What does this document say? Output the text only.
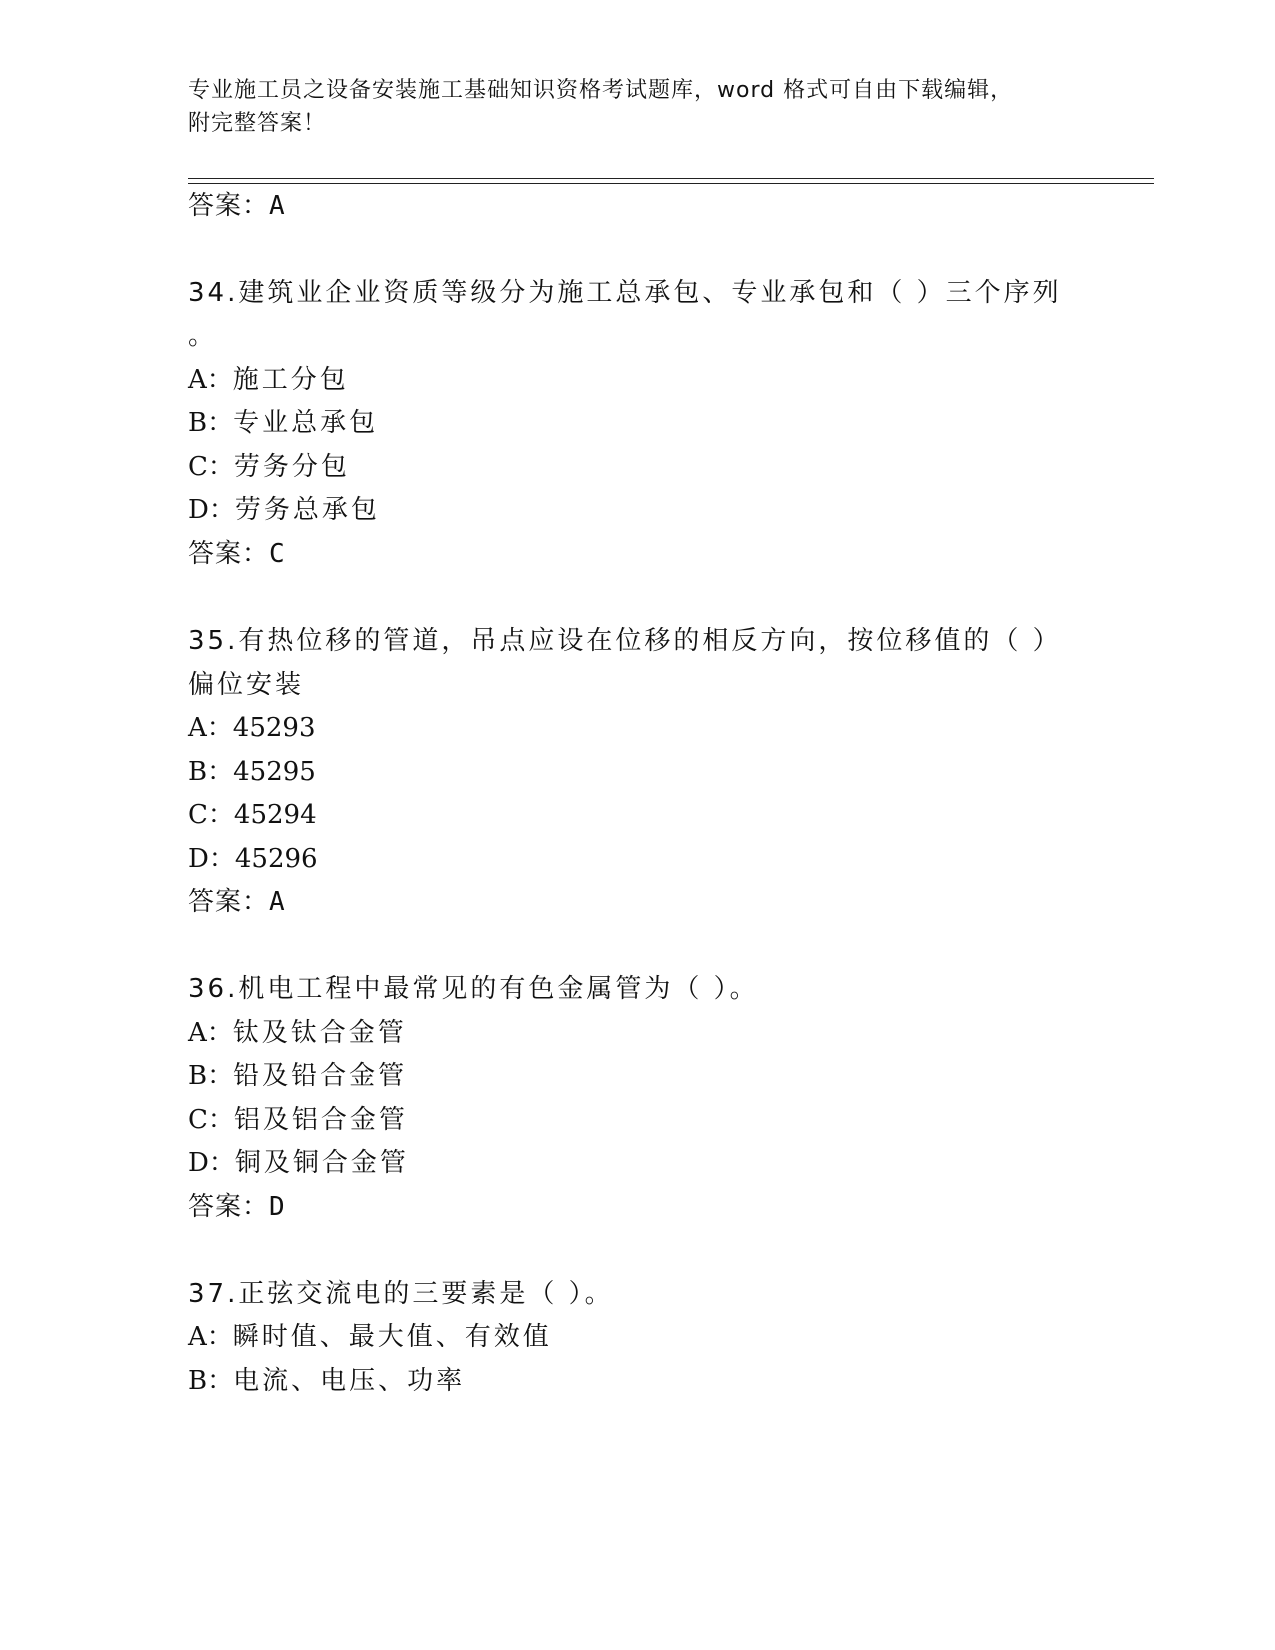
专业施工员之设备安装施工基础知识资格考试题库，word 格式可自由下载编辑，
附完整答案！
答案：A
34.建筑业企业资质等级分为施工总承包、专业承包和（ ）三个序列
。
A：施工分包
B：专业总承包
C：劳务分包
D：劳务总承包
答案：C
35.有热位移的管道，吊点应设在位移的相反方向，按位移值的（ ）
偏位安装
A：45293
B：45295
C：45294
D：45296
答案：A
36.机电工程中最常见的有色金属管为（ ）。
A：钛及钛合金管
B：铅及铅合金管
C：铝及铝合金管
D：铜及铜合金管
答案：D
37.正弦交流电的三要素是（ ）。
A：瞬时值、最大值、有效值
B：电流、电压、功率
